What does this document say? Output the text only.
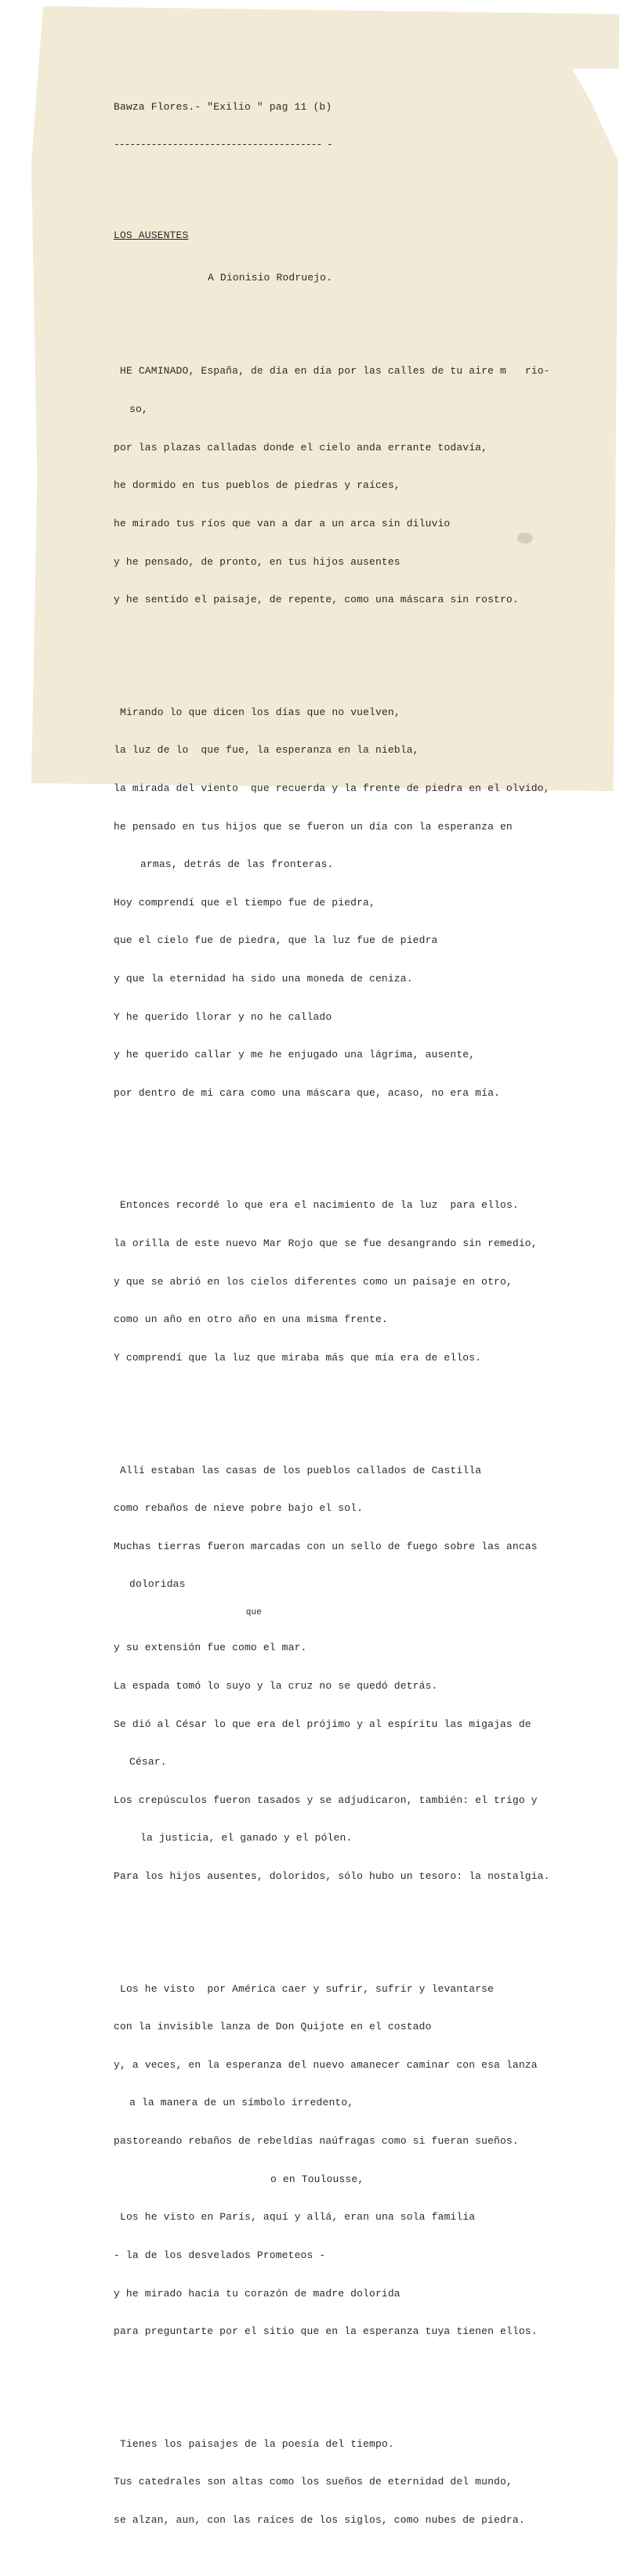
Bawza Flores.- "Exilio " pag 11 (b)

--------------------------------------- -

LOS AUSENTES

A Dionisio Rodruejo.

HE CAMINADO, España, de día en día por las calles de tu aire m   rio-

so,

por las plazas calladas donde el cielo anda errante todavía,

he dormido en tus pueblos de piedras y raíces,

he mirado tus ríos que van a dar a un arca sin diluvio

y he pensado, de pronto, en tus hijos ausentes

y he sentido el paisaje, de repente, como una máscara sin rostro.

Mirando lo que dicen los días que no vuelven,

la luz de lo  que fue, la esperanza en la niebla,

la mirada del viento  que recuerda y la frente de piedra en el olvido,

he pensado en tus hijos que se fueron un día con la esperanza en

armas, detrás de las fronteras.

Hoy comprendí que el tiempo fue de piedra,

que el cielo fue de piedra, que la luz fue de piedra

y que la eternidad ha sido una moneda de ceniza.

Y he querido llorar y no he callado

y he querido callar y me he enjugado una lágrima, ausente,

por dentro de mi cara como una máscara que, acaso, no era mía.

Entonces recordé lo que era el nacimiento de la luz  para ellos.

la orilla de este nuevo Mar Rojo que se fue desangrando sin remedio,

y que se abrió en los cielos diferentes como un paisaje en otro,

como un año en otro año en una misma frente.

Y comprendí que la luz que miraba más que mía era de ellos.

Allí estaban las casas de los pueblos callados de Castilla

como rebaños de nieve pobre bajo el sol.

Muchas tierras fueron marcadas con un sello de fuego sobre las ancas

doloridas

que

y su extensión fue como el mar.

La espada tomó lo suyo y la cruz no se quedó detrás.

Se dió al César lo que era del prójimo y al espíritu las migajas de

César.

Los crepúsculos fueron tasados y se adjudicaron, también: el trigo y

la justicia, el ganado y el pólen.

Para los hijos ausentes, doloridos, sólo hubo un tesoro: la nostalgia.

Los he visto  por América caer y sufrir, sufrir y levantarse

con la invisible lanza de Don Quijote en el costado

y, a veces, en la esperanza del nuevo amanecer caminar con esa lanza

a la manera de un símbolo irredento,

pastoreando rebaños de rebeldías naúfragas como si fueran sueños.

o en Toulousse,

Los he visto en París, aquí y allá, eran una sola familia

- la de los desvelados Prometeos -

y he mirado hacia tu corazón de madre dolorida

para preguntarte por el sitio que en la esperanza tuya tienen ellos.

Tienes los paisajes de la poesía del tiempo.

Tus catedrales son altas como los sueños de eternidad del mundo,

se alzan, aun, con las raíces de los siglos, como nubes de piedra.
